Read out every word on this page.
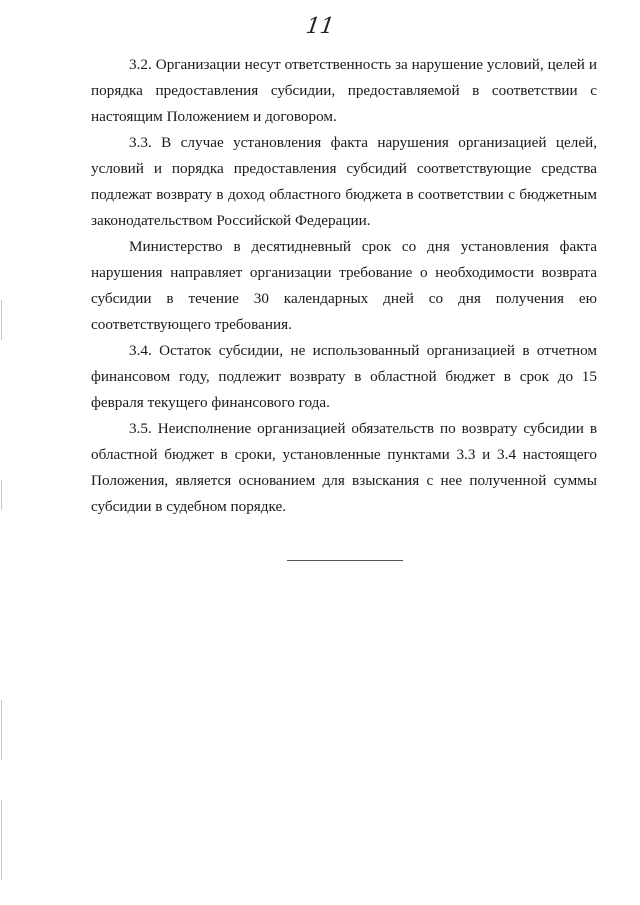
11

3.2. Организации несут ответственность за нарушение условий, целей и порядка предоставления субсидии, предоставляемой в соответствии с настоящим Положением и договором.

3.3. В случае установления факта нарушения организацией целей, условий и порядка предоставления субсидий соответствующие средства подлежат возврату в доход областного бюджета в соответствии с бюджетным законодательством Российской Федерации.

Министерство в десятидневный срок со дня установления факта нарушения направляет организации требование о необходимости возврата субсидии в течение 30 календарных дней со дня получения ею соответствующего требования.

3.4. Остаток субсидии, не использованный организацией в отчетном финансовом году, подлежит возврату в областной бюджет в срок до 15 февраля текущего финансового года.

3.5. Неисполнение организацией обязательств по возврату субсидии в областной бюджет в сроки, установленные пунктами 3.3 и 3.4 настоящего Положения, является основанием для взыскания с нее полученной суммы субсидии в судебном порядке.
